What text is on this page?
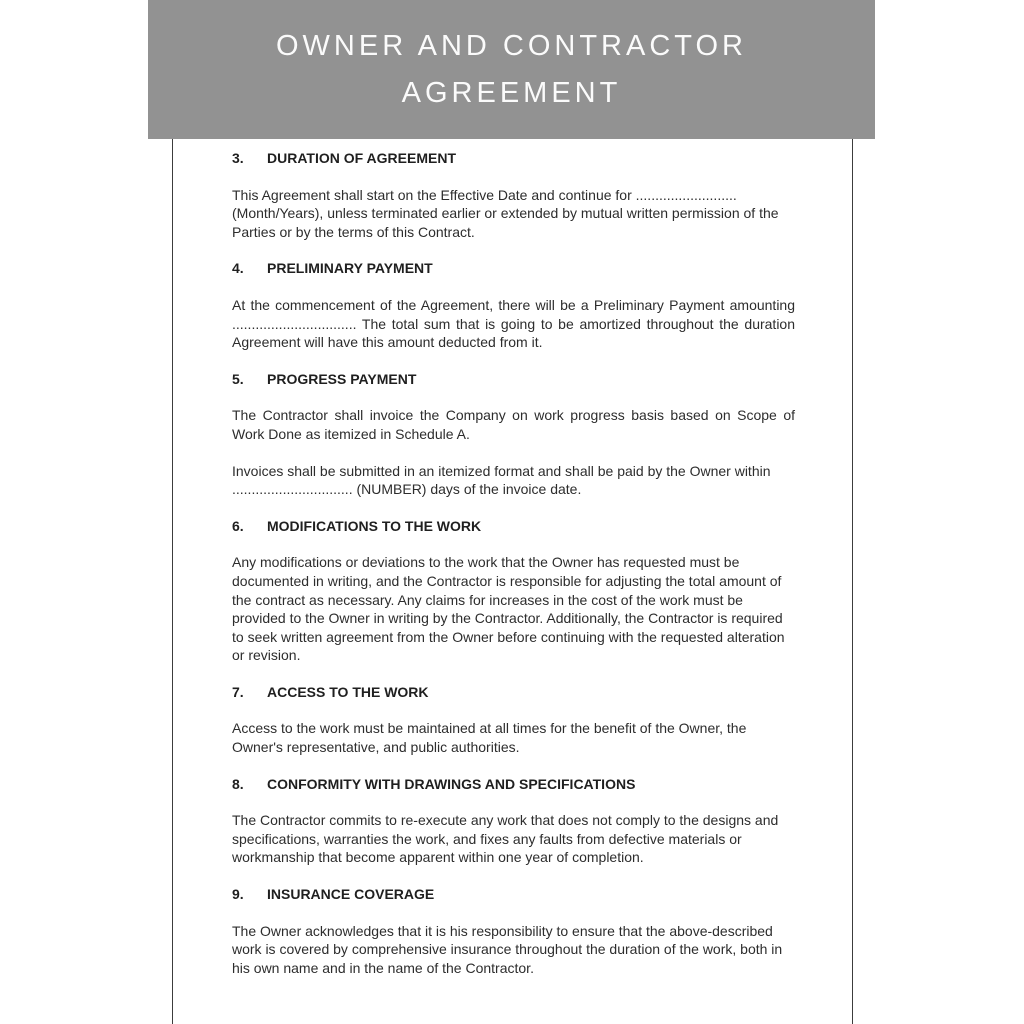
OWNER AND CONTRACTOR AGREEMENT
3. DURATION OF AGREEMENT

This Agreement shall start on the Effective Date and continue for .......................... (Month/Years), unless terminated earlier or extended by mutual written permission of the Parties or by the terms of this Contract.

4. PRELIMINARY PAYMENT

At the commencement of the Agreement, there will be a Preliminary Payment amounting ................................ The total sum that is going to be amortized throughout the duration Agreement will have this amount deducted from it.

5. PROGRESS PAYMENT

The Contractor shall invoice the Company on work progress basis based on Scope of Work Done as itemized in Schedule A.

Invoices shall be submitted in an itemized format and shall be paid by the Owner within ............................... (NUMBER) days of the invoice date.

6. MODIFICATIONS TO THE WORK

Any modifications or deviations to the work that the Owner has requested must be documented in writing, and the Contractor is responsible for adjusting the total amount of the contract as necessary. Any claims for increases in the cost of the work must be provided to the Owner in writing by the Contractor. Additionally, the Contractor is required to seek written agreement from the Owner before continuing with the requested alteration or revision.

7. ACCESS TO THE WORK

Access to the work must be maintained at all times for the benefit of the Owner, the Owner's representative, and public authorities.

8. CONFORMITY WITH DRAWINGS AND SPECIFICATIONS

The Contractor commits to re-execute any work that does not comply to the designs and specifications, warranties the work, and fixes any faults from defective materials or workmanship that become apparent within one year of completion.

9. INSURANCE COVERAGE

The Owner acknowledges that it is his responsibility to ensure that the above-described work is covered by comprehensive insurance throughout the duration of the work, both in his own name and in the name of the Contractor.
